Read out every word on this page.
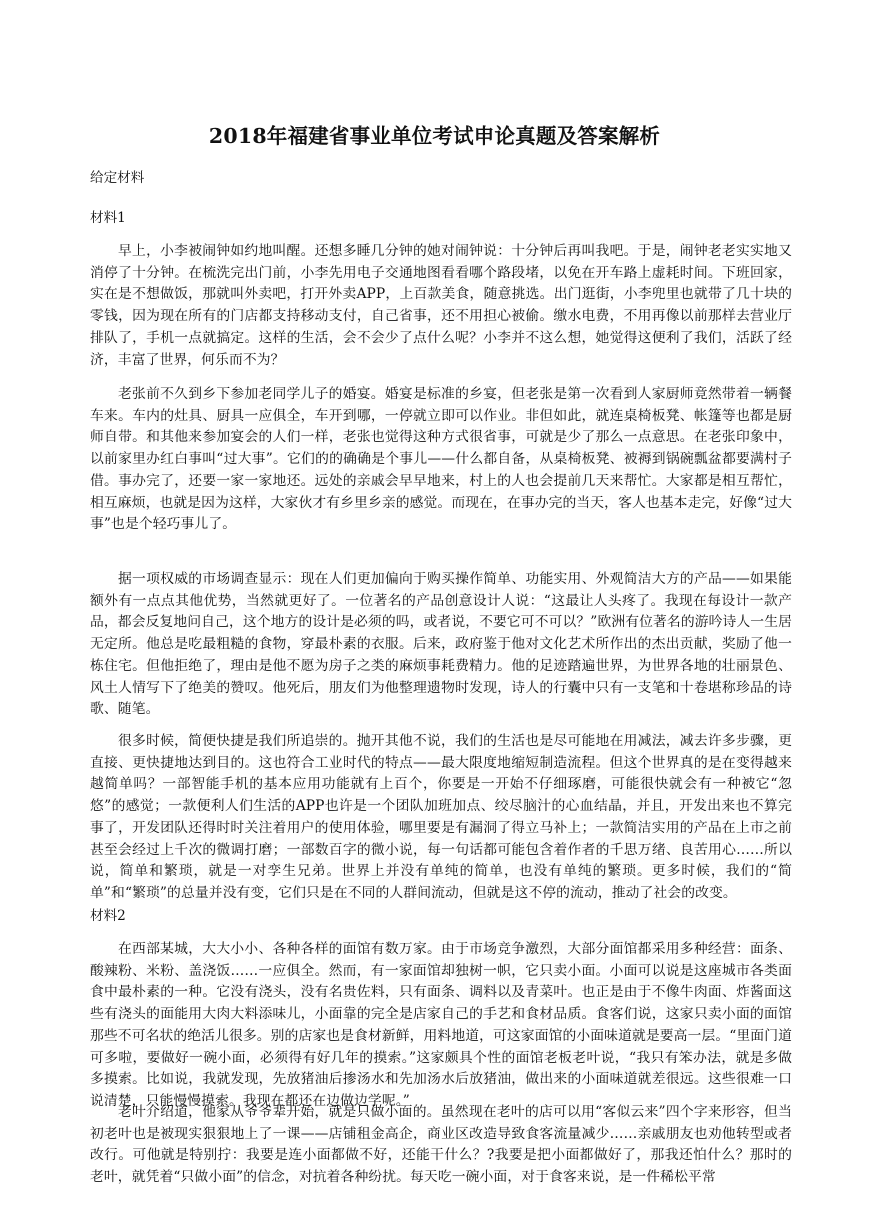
2018年福建省事业单位考试申论真题及答案解析

给定材料

材料1

早上，小李被闹钟如约地叫醒。还想多睡几分钟的她对闹钟说：十分钟后再叫我吧。于是，闹钟老老实实地又消停了十分钟。在梳洗完出门前，小李先用电子交通地图看看哪个路段堵，以免在开车路上虚耗时间。下班回家，实在是不想做饭，那就叫外卖吧，打开外卖APP，上百款美食，随意挑选。出门逛街，小李兜里也就带了几十块的零钱，因为现在所有的门店都支持移动支付，自己省事，还不用担心被偷。缴水电费，不用再像以前那样去营业厅排队了，手机一点就搞定。这样的生活，会不会少了点什么呢？小李并不这么想，她觉得这便利了我们，活跃了经济，丰富了世界，何乐而不为？

老张前不久到乡下参加老同学儿子的婚宴。婚宴是标准的乡宴，但老张是第一次看到人家厨师竟然带着一辆餐车来。车内的灶具、厨具一应俱全，车开到哪，一停就立即可以作业。非但如此，就连桌椅板凳、帐篷等也都是厨师自带。和其他来参加宴会的人们一样，老张也觉得这种方式很省事，可就是少了那么一点意思。在老张印象中，以前家里办红白事叫“过大事”。它们的的确确是个事儿——什么都自备，从桌椅板凳、被褥到锅碗瓢盆都要满村子借。事办完了，还要一家一家地还。远处的亲戚会早早地来，村上的人也会提前几天来帮忙。大家都是相互帮忙，相互麻烦，也就是因为这样，大家伙才有乡里乡亲的感觉。而现在，在事办完的当天，客人也基本走完，好像“过大事”也是个轻巧事儿了。

据一项权威的市场调查显示：现在人们更加偏向于购买操作简单、功能实用、外观简洁大方的产品——如果能额外有一点点其他优势，当然就更好了。一位著名的产品创意设计人说：“这最让人头疼了。我现在每设计一款产品，都会反复地问自己，这个地方的设计是必须的吗，或者说，不要它可不可以？”欧洲有位著名的游吟诗人一生居无定所。他总是吃最粗糙的食物，穿最朴素的衣服。后来，政府鉴于他对文化艺术所作出的杰出贡献，奖励了他一栋住宅。但他拒绝了，理由是他不愿为房子之类的麻烦事耗费精力。他的足迹踏遍世界，为世界各地的壮丽景色、风土人情写下了绝美的赞叹。他死后，朋友们为他整理遗物时发现，诗人的行囊中只有一支笔和十卷堪称珍品的诗歌、随笔。

很多时候，简便快捷是我们所追崇的。抛开其他不说，我们的生活也是尽可能地在用减法，减去许多步骤，更直接、更快捷地达到目的。这也符合工业时代的特点——最大限度地缩短制造流程。但这个世界真的是在变得越来越简单吗？一部智能手机的基本应用功能就有上百个，你要是一开始不仔细琢磨，可能很快就会有一种被它“忽悠”的感觉；一款便利人们生活的APP也许是一个团队加班加点、绞尽脑汁的心血结晶，并且，开发出来也不算完事了，开发团队还得时时关注着用户的使用体验，哪里要是有漏洞了得立马补上；一款简洁实用的产品在上市之前甚至会经过上千次的微调打磨；一部数百字的微小说，每一句话都可能包含着作者的千思万绪、良苦用心……所以说，简单和繁琐，就是一对孪生兄弟。世界上并没有单纯的简单，也没有单纯的繁琐。更多时候，我们的“简单”和“繁琐”的总量并没有变，它们只是在不同的人群间流动，但就是这不停的流动，推动了社会的改变。

材料2

在西部某城，大大小小、各种各样的面馆有数万家。由于市场竞争激烈，大部分面馆都采用多种经营：面条、酸辣粉、米粉、盖浇饭……一应俱全。然而，有一家面馆却独树一帜，它只卖小面。小面可以说是这座城市各类面食中最朴素的一种。它没有浇头，没有名贵佐料，只有面条、调料以及青菜叶。也正是由于不像牛肉面、炸酱面这些有浇头的面能用大肉大料添味儿，小面靠的完全是店家自己的手艺和食材品质。食客们说，这家只卖小面的面馆那些不可名状的绝活儿很多。别的店家也是食材新鲜，用料地道，可这家面馆的小面味道就是要高一层。“里面门道可多啦，要做好一碗小面，必须得有好几年的摸索。”这家颇具个性的面馆老板老叶说，“我只有笨办法，就是多做多摸索。比如说，我就发现，先放猪油后掺汤水和先加汤水后放猪油，做出来的小面味道就差很远。这些很难一口说清楚，只能慢慢摸索。我现在都还在边做边学呢。”

老叶介绍道，他家从爷爷辈开始，就是只做小面的。虽然现在老叶的店可以用“客似云来”四个字来形容，但当初老叶也是被现实狠狠地上了一课——店铺租金高企，商业区改造导致食客流量减少……亲戚朋友也劝他转型或者改行。可他就是特别拧：我要是连小面都做不好，还能干什么？?我要是把小面都做好了，那我还怕什么？那时的老叶，就凭着“只做小面”的信念，对抗着各种纷扰。每天吃一碗小面，对于食客来说，是一件稀松平常
